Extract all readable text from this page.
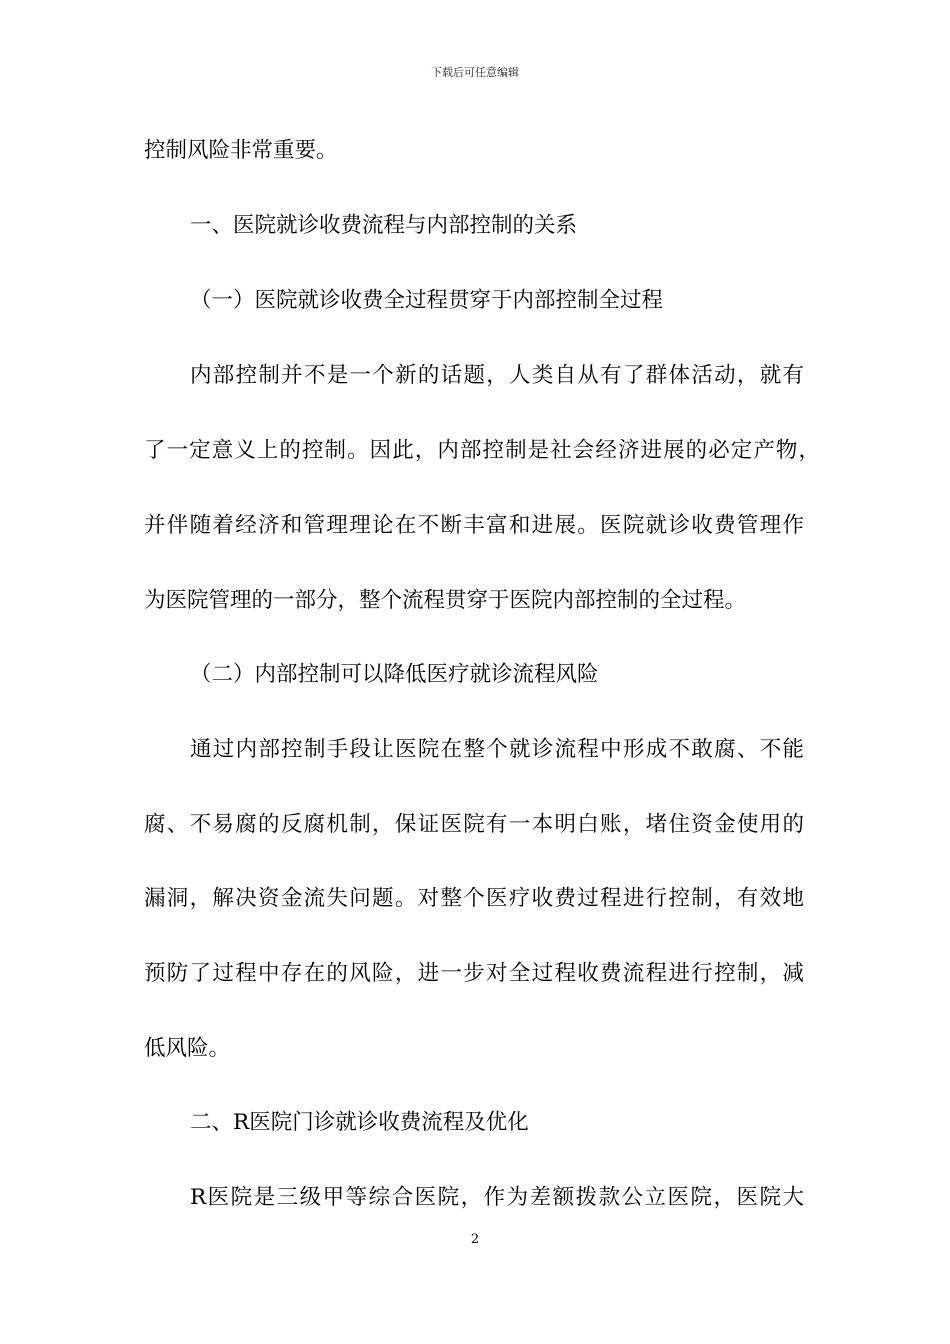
下载后可任意编辑
控制风险非常重要。
一、医院就诊收费流程与内部控制的关系
（一）医院就诊收费全过程贯穿于内部控制全过程
内部控制并不是一个新的话题，人类自从有了群体活动，就有
了一定意义上的控制。因此，内部控制是社会经济进展的必定产物，
并伴随着经济和管理理论在不断丰富和进展。医院就诊收费管理作
为医院管理的一部分，整个流程贯穿于医院内部控制的全过程。
（二）内部控制可以降低医疗就诊流程风险
通过内部控制手段让医院在整个就诊流程中形成不敢腐、不能
腐、不易腐的反腐机制，保证医院有一本明白账，堵住资金使用的
漏洞，解决资金流失问题。对整个医疗收费过程进行控制，有效地
预防了过程中存在的风险，进一步对全过程收费流程进行控制，减
低风险。
二、R医院门诊就诊收费流程及优化
R医院是三级甲等综合医院，作为差额拨款公立医院，医院大
2
